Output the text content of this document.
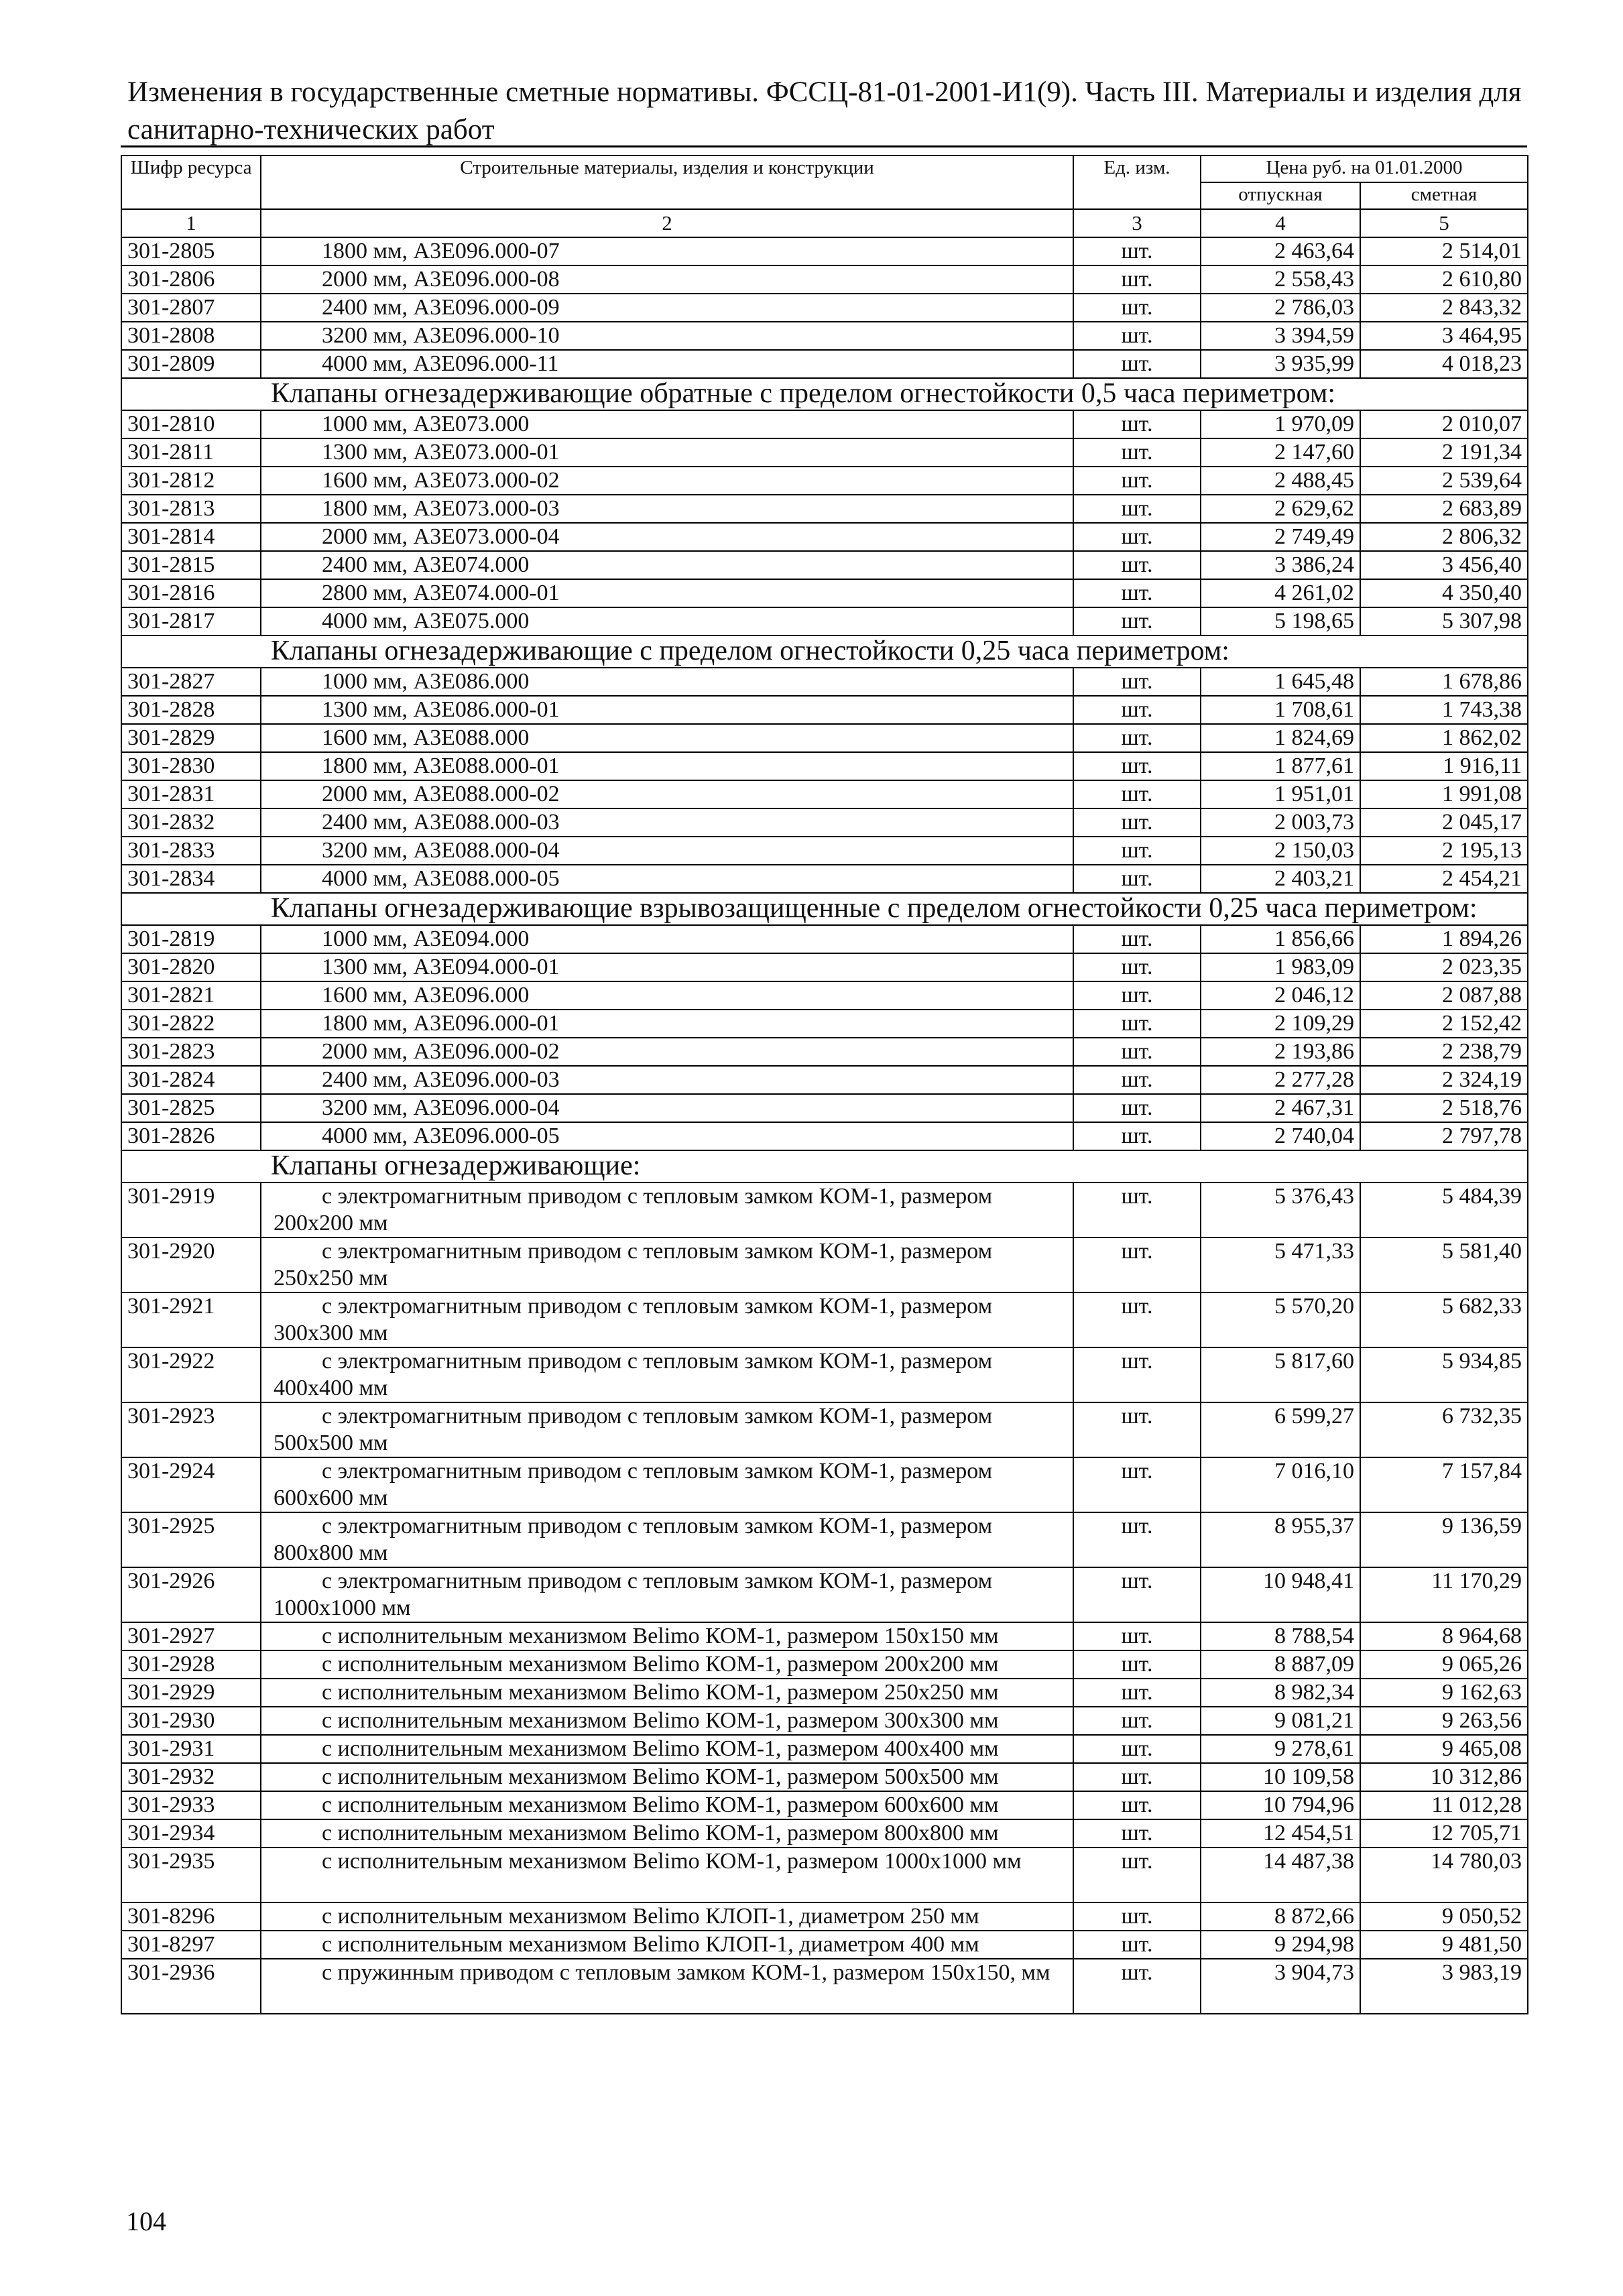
Изменения в государственные сметные нормативы. ФССЦ-81-01-2001-И1(9). Часть III. Материалы и изделия для санитарно-технических работ
Шифр ресурса	Строительные материалы, изделия и конструкции	Ед. изм.	Цена руб. на 01.01.2000	
			отпускная	сметная
1	2	3	4	5
301-2805	1800 мм, А3Е096.000-07	шт.	2 463,64	2 514,01
301-2806	2000 мм, А3Е096.000-08	шт.	2 558,43	2 610,80
301-2807	2400 мм, А3Е096.000-09	шт.	2 786,03	2 843,32
301-2808	3200 мм, А3Е096.000-10	шт.	3 394,59	3 464,95
301-2809	4000 мм, А3Е096.000-11	шт.	3 935,99	4 018,23
Клапаны огнезадерживающие обратные с пределом огнестойкости 0,5 часа периметром:				
301-2810	1000 мм, А3Е073.000	шт.	1 970,09	2 010,07
301-2811	1300 мм, А3Е073.000-01	шт.	2 147,60	2 191,34
301-2812	1600 мм, А3Е073.000-02	шт.	2 488,45	2 539,64
301-2813	1800 мм, А3Е073.000-03	шт.	2 629,62	2 683,89
301-2814	2000 мм, А3Е073.000-04	шт.	2 749,49	2 806,32
301-2815	2400 мм, А3Е074.000	шт.	3 386,24	3 456,40
301-2816	2800 мм, А3Е074.000-01	шт.	4 261,02	4 350,40
301-2817	4000 мм, А3Е075.000	шт.	5 198,65	5 307,98
Клапаны огнезадерживающие с пределом огнестойкости 0,25 часа периметром:				
301-2827	1000 мм, А3Е086.000	шт.	1 645,48	1 678,86
301-2828	1300 мм, А3Е086.000-01	шт.	1 708,61	1 743,38
301-2829	1600 мм, А3Е088.000	шт.	1 824,69	1 862,02
301-2830	1800 мм, А3Е088.000-01	шт.	1 877,61	1 916,11
301-2831	2000 мм, А3Е088.000-02	шт.	1 951,01	1 991,08
301-2832	2400 мм, А3Е088.000-03	шт.	2 003,73	2 045,17
301-2833	3200 мм, А3Е088.000-04	шт.	2 150,03	2 195,13
301-2834	4000 мм, А3Е088.000-05	шт.	2 403,21	2 454,21
Клапаны огнезадерживающие взрывозащищенные с пределом огнестойкости 0,25 часа периметром:				
301-2819	1000 мм, А3Е094.000	шт.	1 856,66	1 894,26
301-2820	1300 мм, А3Е094.000-01	шт.	1 983,09	2 023,35
301-2821	1600 мм, А3Е096.000	шт.	2 046,12	2 087,88
301-2822	1800 мм, А3Е096.000-01	шт.	2 109,29	2 152,42
301-2823	2000 мм, А3Е096.000-02	шт.	2 193,86	2 238,79
301-2824	2400 мм, А3Е096.000-03	шт.	2 277,28	2 324,19
301-2825	3200 мм, А3Е096.000-04	шт.	2 467,31	2 518,76
301-2826	4000 мм, А3Е096.000-05	шт.	2 740,04	2 797,78
Клапаны огнезадерживающие:				
301-2919	с электромагнитным приводом с тепловым замком КОМ-1, размером 200х200 мм	шт.	5 376,43	5 484,39
301-2920	с электромагнитным приводом с тепловым замком КОМ-1, размером 250х250 мм	шт.	5 471,33	5 581,40
301-2921	с электромагнитным приводом с тепловым замком КОМ-1, размером 300х300 мм	шт.	5 570,20	5 682,33
301-2922	с электромагнитным приводом с тепловым замком КОМ-1, размером 400х400 мм	шт.	5 817,60	5 934,85
301-2923	с электромагнитным приводом с тепловым замком КОМ-1, размером 500х500 мм	шт.	6 599,27	6 732,35
301-2924	с электромагнитным приводом с тепловым замком КОМ-1, размером 600х600 мм	шт.	7 016,10	7 157,84
301-2925	с электромагнитным приводом с тепловым замком КОМ-1, размером 800х800 мм	шт.	8 955,37	9 136,59
301-2926	с электромагнитным приводом с тепловым замком КОМ-1, размером 1000х1000 мм	шт.	10 948,41	11 170,29
301-2927	с исполнительным механизмом Belimo КОМ-1, размером 150х150 мм	шт.	8 788,54	8 964,68
301-2928	с исполнительным механизмом Belimo КОМ-1, размером 200х200 мм	шт.	8 887,09	9 065,26
301-2929	с исполнительным механизмом Belimo КОМ-1, размером 250х250 мм	шт.	8 982,34	9 162,63
301-2930	с исполнительным механизмом Belimo КОМ-1, размером 300х300 мм	шт.	9 081,21	9 263,56
301-2931	с исполнительным механизмом Belimo КОМ-1, размером 400х400 мм	шт.	9 278,61	9 465,08
301-2932	с исполнительным механизмом Belimo КОМ-1, размером 500х500 мм	шт.	10 109,58	10 312,86
301-2933	с исполнительным механизмом Belimo КОМ-1, размером 600х600 мм	шт.	10 794,96	11 012,28
301-2934	с исполнительным механизмом Belimo КОМ-1, размером 800х800 мм	шт.	12 454,51	12 705,71
301-2935	с исполнительным механизмом Belimo КОМ-1, размером 1000х1000 мм	шт.	14 487,38	14 780,03
301-8296	с исполнительным механизмом Belimo КЛОП-1, диаметром 250 мм	шт.	8 872,66	9 050,52
301-8297	с исполнительным механизмом Belimo КЛОП-1, диаметром 400 мм	шт.	9 294,98	9 481,50
301-2936	с пружинным приводом с тепловым замком КОМ-1, размером 150х150, мм	шт.	3 904,73	3 983,19
104
